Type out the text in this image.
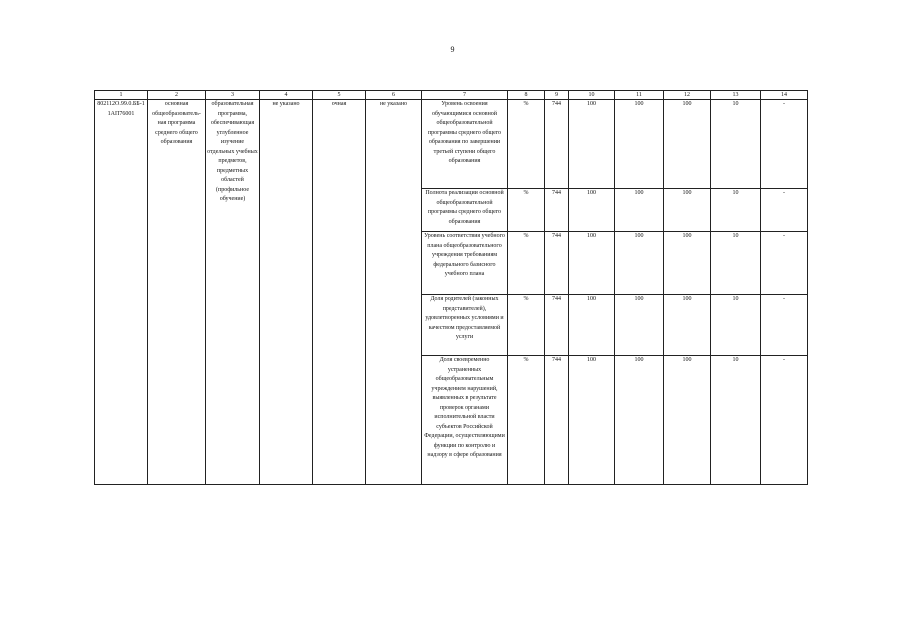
9
1	2	3	4	5	6	7	8	9	10	11	12	13	14
802112О.99.0.ББ-11АП76001	основная общеобразователь-ная программа среднего общего образования	образовательная программа, обеспечивающая углубленное изучение отдельных учебных предметов, предметных областей (профильное обучение)	не указано	очная	не указано	Уровень освоения обучающимися основной общеобразовательной программы среднего общего образования по завершении третьей ступени общего образования	%	744	100	100	100	10	-
						Полнота реализации основной общеобразовательной программы среднего общего образования	%	744	100	100	100	10	-
						Уровень соответствия учебного плана общеобразовательного учреждения требованиям федерального базисного учебного плана	%	744	100	100	100	10	-
						Доля родителей (законных представителей), удовлетворенных условиями и качеством предоставляемой услуги	%	744	100	100	100	10	-
						Доля своевременно устраненных общеобразовательным учреждением нарушений, выявленных в результате проверок органами исполнительной власти субъектов Российской Федерации, осуществляющими функции по контролю и надзору в сфере образования	%	744	100	100	100	10	-
